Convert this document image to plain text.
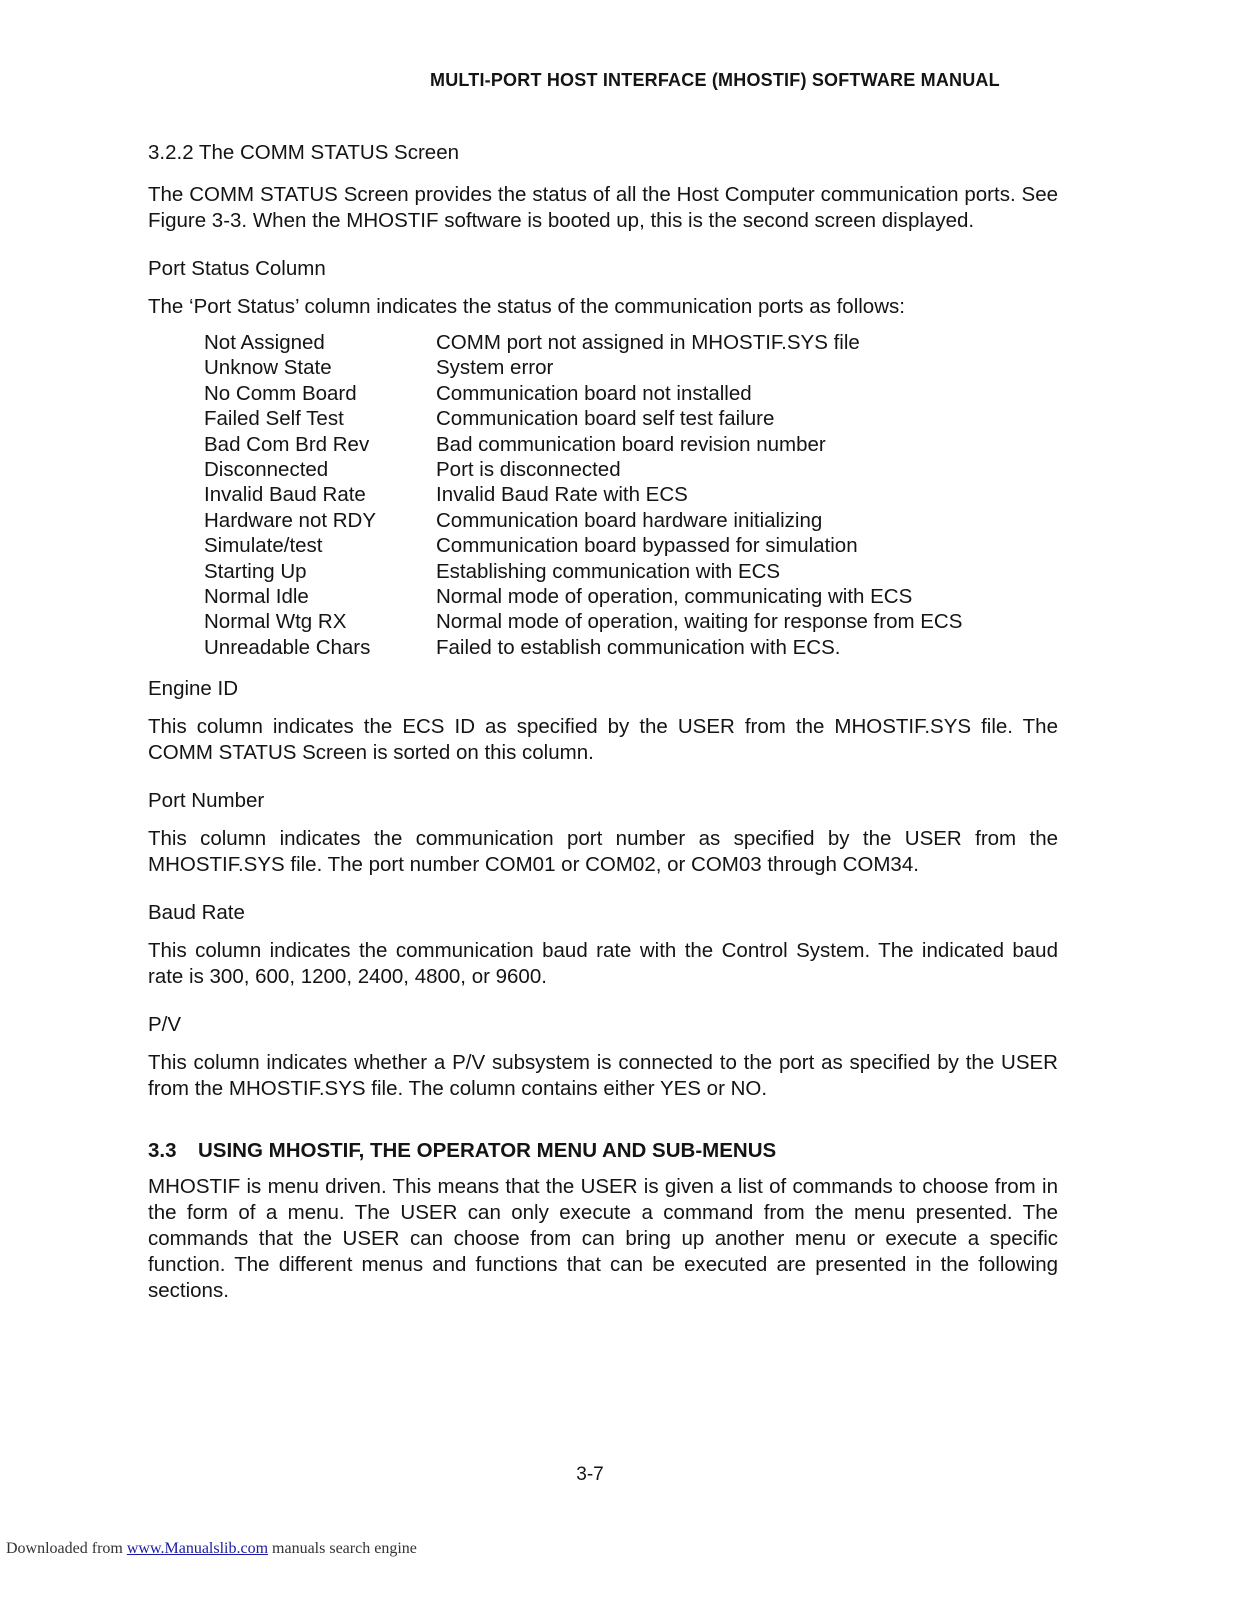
MULTI-PORT HOST INTERFACE (MHOSTIF) SOFTWARE MANUAL
3.2.2 The COMM STATUS Screen

The COMM STATUS Screen provides the status of all the Host Computer communication ports. See Figure 3-3. When the MHOSTIF software is booted up, this is the second screen displayed.

Port Status Column

The ‘Port Status’ column indicates the status of the communication ports as follows:

Not Assigned	COMM port not assigned in MHOSTIF.SYS file
Unknow State	System error
No Comm Board	Communication board not installed
Failed Self Test	Communication board self test failure
Bad Com Brd Rev	Bad communication board revision number
Disconnected	Port is disconnected
Invalid Baud Rate	Invalid Baud Rate with ECS
Hardware not RDY	Communication board hardware initializing
Simulate/test	Communication board bypassed for simulation
Starting Up	Establishing communication with ECS
Normal Idle	Normal mode of operation, communicating with ECS
Normal Wtg RX	Normal mode of operation, waiting for response from ECS
Unreadable Chars	Failed to establish communication with ECS.
Engine ID

This column indicates the ECS ID as specified by the USER from the MHOSTIF.SYS file. The COMM STATUS Screen is sorted on this column.

Port Number

This column indicates the communication port number as specified by the USER from the MHOSTIF.SYS file. The port number COM01 or COM02, or COM03 through COM34.

Baud Rate

This column indicates the communication baud rate with the Control System. The indicated baud rate is 300, 600, 1200, 2400, 4800, or 9600.

P/V

This column indicates whether a P/V subsystem is connected to the port as specified by the USER from the MHOSTIF.SYS file. The column contains either YES or NO.

3.3 USING MHOSTIF, THE OPERATOR MENU AND SUB-MENUS

MHOSTIF is menu driven. This means that the USER is given a list of commands to choose from in the form of a menu. The USER can only execute a command from the menu presented. The commands that the USER can choose from can bring up another menu or execute a specific function. The different menus and functions that can be executed are presented in the following sections.

3-7
Downloaded from www.Manualslib.com manuals search engine
